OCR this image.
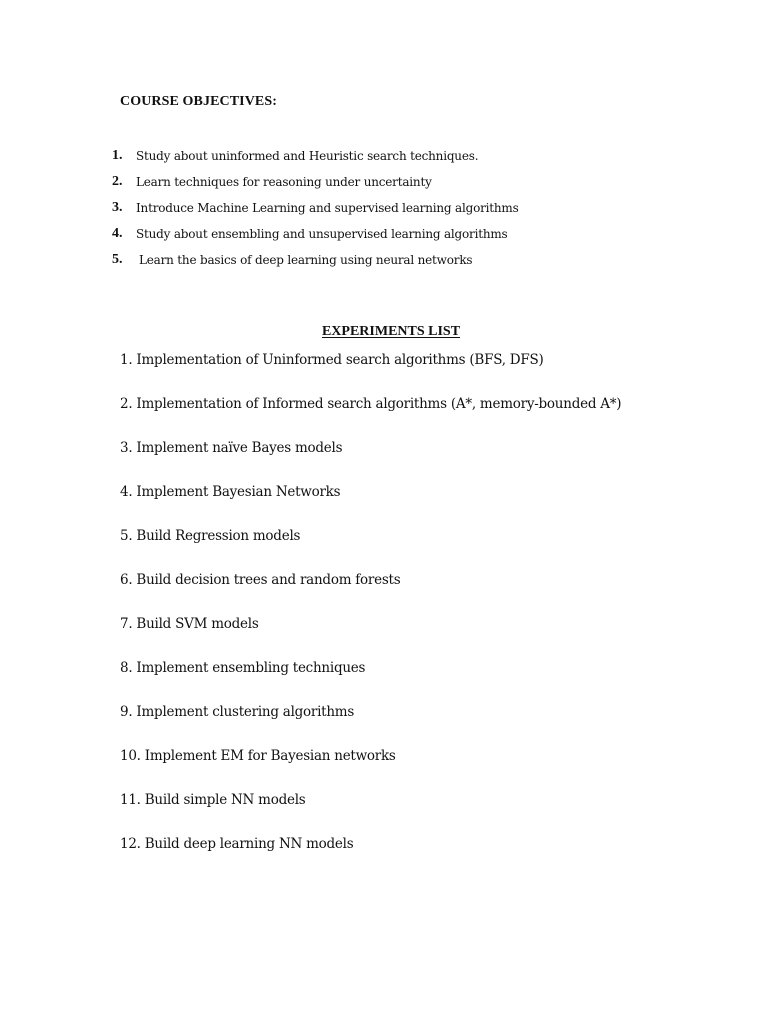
COURSE OBJECTIVES:
1.	Study about uninformed and Heuristic search techniques.
2.	Learn techniques for reasoning under uncertainty
3.	Introduce Machine Learning and supervised learning algorithms
4.	Study about ensembling and unsupervised learning algorithms
5.	Learn the basics of deep learning using neural networks
EXPERIMENTS LIST
1. Implementation of Uninformed search algorithms (BFS, DFS)
2. Implementation of Informed search algorithms (A*, memory-bounded A*)
3. Implement naïve Bayes models
4. Implement Bayesian Networks
5. Build Regression models
6. Build decision trees and random forests
7. Build SVM models
8. Implement ensembling techniques
9. Implement clustering algorithms
10. Implement EM for Bayesian networks
11. Build simple NN models
12. Build deep learning NN models
